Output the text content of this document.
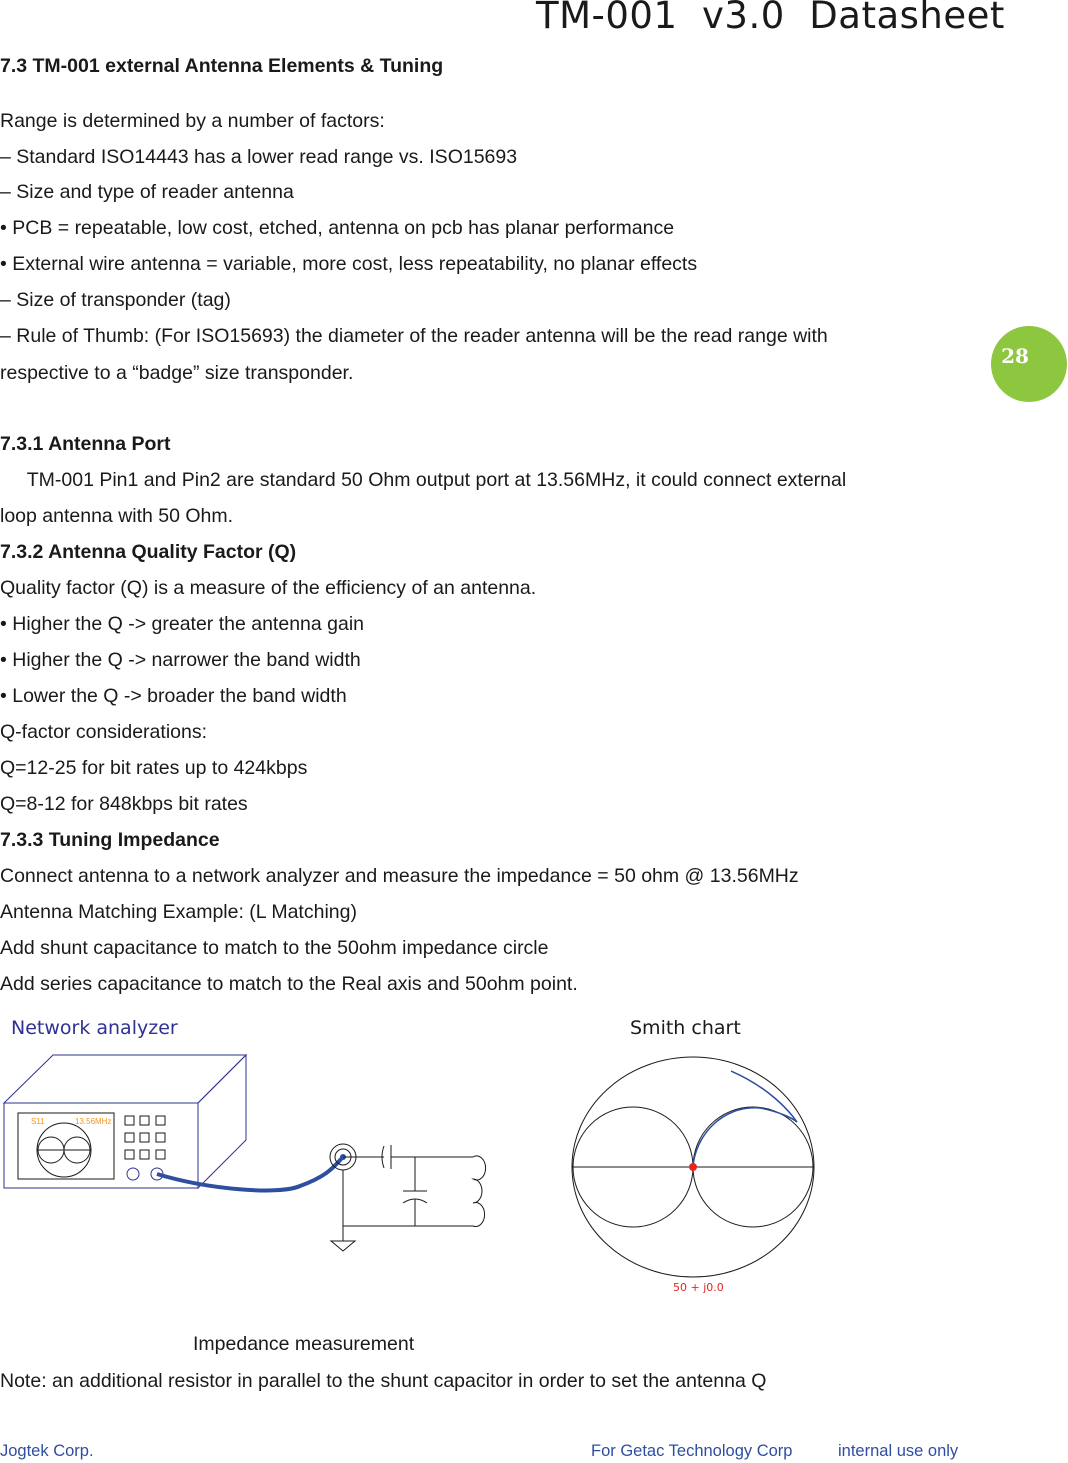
TM-001  v3.0  Datasheet
28
7.3 TM-001 external Antenna Elements & Tuning
Range is determined by a number of factors:
– Standard ISO14443 has a lower read range vs. ISO15693
– Size and type of reader antenna
• PCB = repeatable, low cost, etched, antenna on pcb has planar performance
• External wire antenna = variable, more cost, less repeatability, no planar effects
– Size of transponder (tag)
– Rule of Thumb: (For ISO15693) the diameter of the reader antenna will be the read range with
respective to a “badge” size transponder.
7.3.1 Antenna Port
TM-001 Pin1 and Pin2 are standard 50 Ohm output port at 13.56MHz, it could connect external
loop antenna with 50 Ohm.
7.3.2 Antenna Quality Factor (Q)
Quality factor (Q) is a measure of the efficiency of an antenna.
• Higher the Q -> greater the antenna gain
• Higher the Q -> narrower the band width
• Lower the Q -> broader the band width
Q-factor considerations:
Q=12-25 for bit rates up to 424kbps
Q=8-12 for 848kbps bit rates
7.3.3 Tuning Impedance
Connect antenna to a network analyzer and measure the impedance = 50 ohm @ 13.56MHz
Antenna Matching Example: (L Matching)
Add shunt capacitance to match to the 50ohm impedance circle
Add series capacitance to match to the Real axis and 50ohm point.
Network analyzer	Smith chart
S11	13.56MHz
50 + j0.0
Impedance measurement
Note: an additional resistor in parallel to the shunt capacitor in order to set the antenna Q
Jogtek Corp.	For Getac Technology Corp	internal use only
